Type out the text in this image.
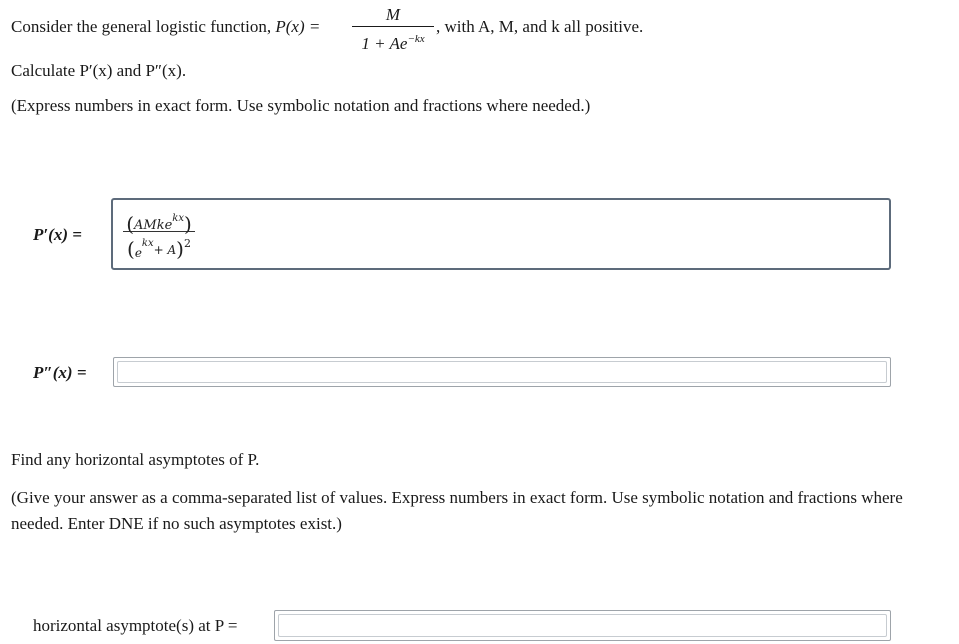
Consider the general logistic function, P(x) =
M
$1 + Ae^{-kx}$
, with A, M, and k all positive.
Calculate P′(x) and P″(x).
(Express numbers in exact form. Use symbolic notation and fractions where needed.)
P′(x) = (AMke$^{kx}$)
$(e^{kx}+ A)^2$
P″(x) =
Find any horizontal asymptotes of P.
(Give your answer as a comma-separated list of values. Express numbers in exact form. Use symbolic notation and fractions where needed. Enter DNE if no such asymptotes exist.)
horizontal asymptote(s) at P =
